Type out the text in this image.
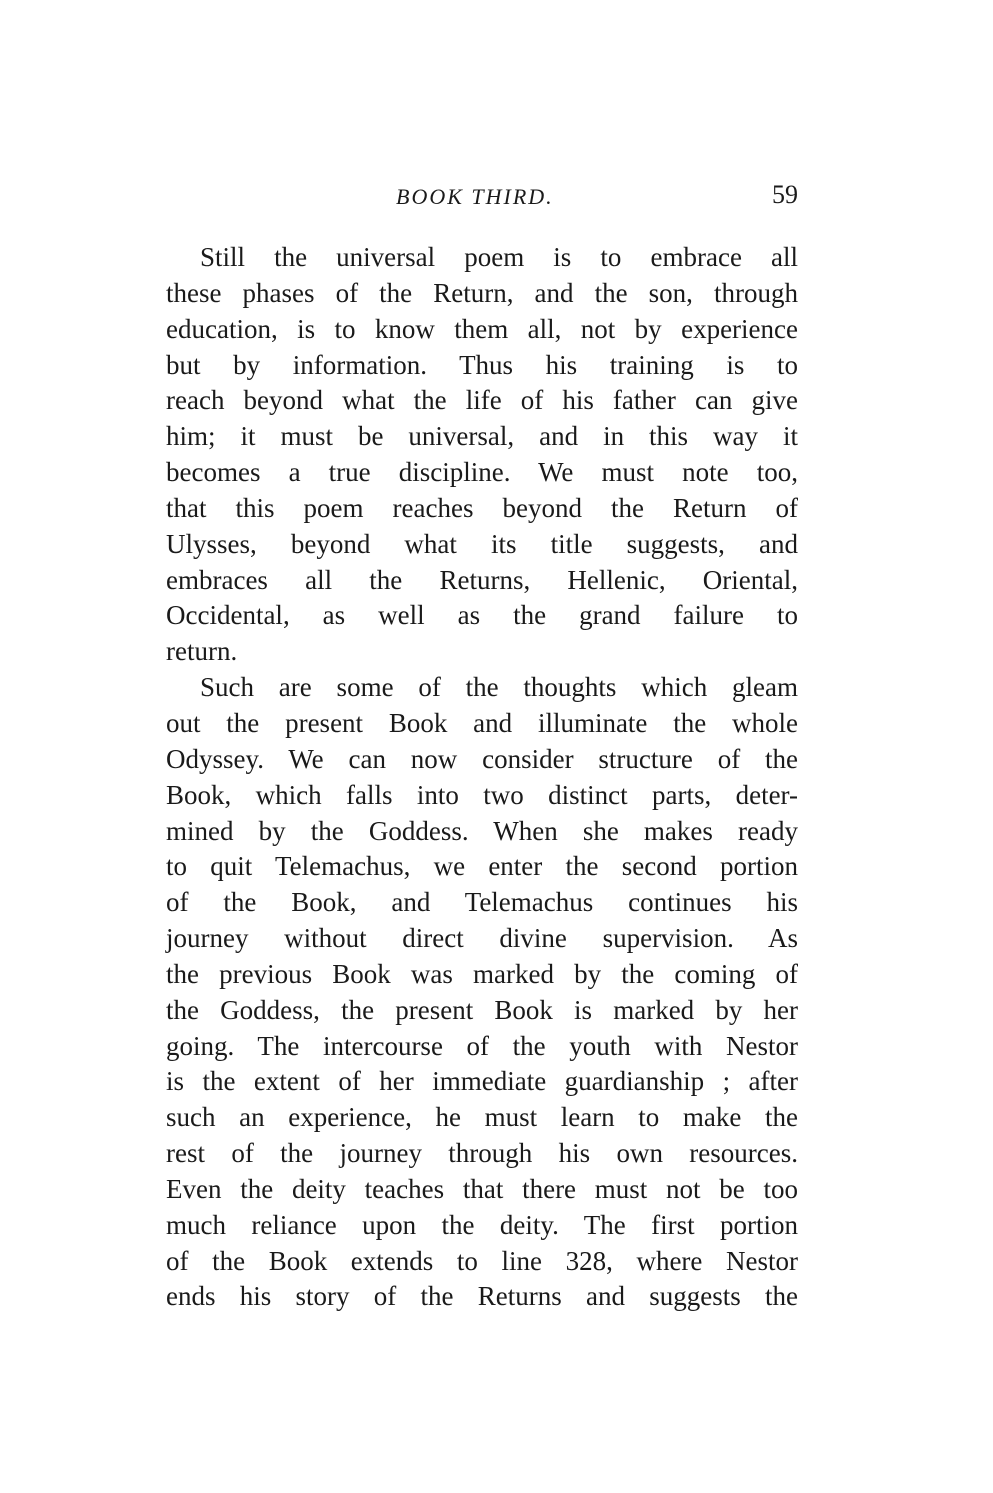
BOOK THIRD.	59
Still the universal poem is to embrace all
these phases of the Return, and the son, through
education, is to know them all, not by experience
but by information. Thus his training is to
reach beyond what the life of his father can give
him; it must be universal, and in this way it
becomes a true discipline. We must note too,
that this poem reaches beyond the Return of
Ulysses, beyond what its title suggests, and
embraces all the Returns, Hellenic, Oriental,
Occidental, as well as the grand failure to
return.
Such are some of the thoughts which gleam
out the present Book and illuminate the whole
Odyssey. We can now consider structure of the
Book, which falls into two distinct parts, deter-
mined by the Goddess. When she makes ready
to quit Telemachus, we enter the second portion
of the Book, and Telemachus continues his
journey without direct divine supervision. As
the previous Book was marked by the coming of
the Goddess, the present Book is marked by her
going. The intercourse of the youth with Nestor
is the extent of her immediate guardianship ; after
such an experience, he must learn to make the
rest of the journey through his own resources.
Even the deity teaches that there must not be too
much reliance upon the deity. The first portion
of the Book extends to line 328, where Nestor
ends his story of the Returns and suggests the
